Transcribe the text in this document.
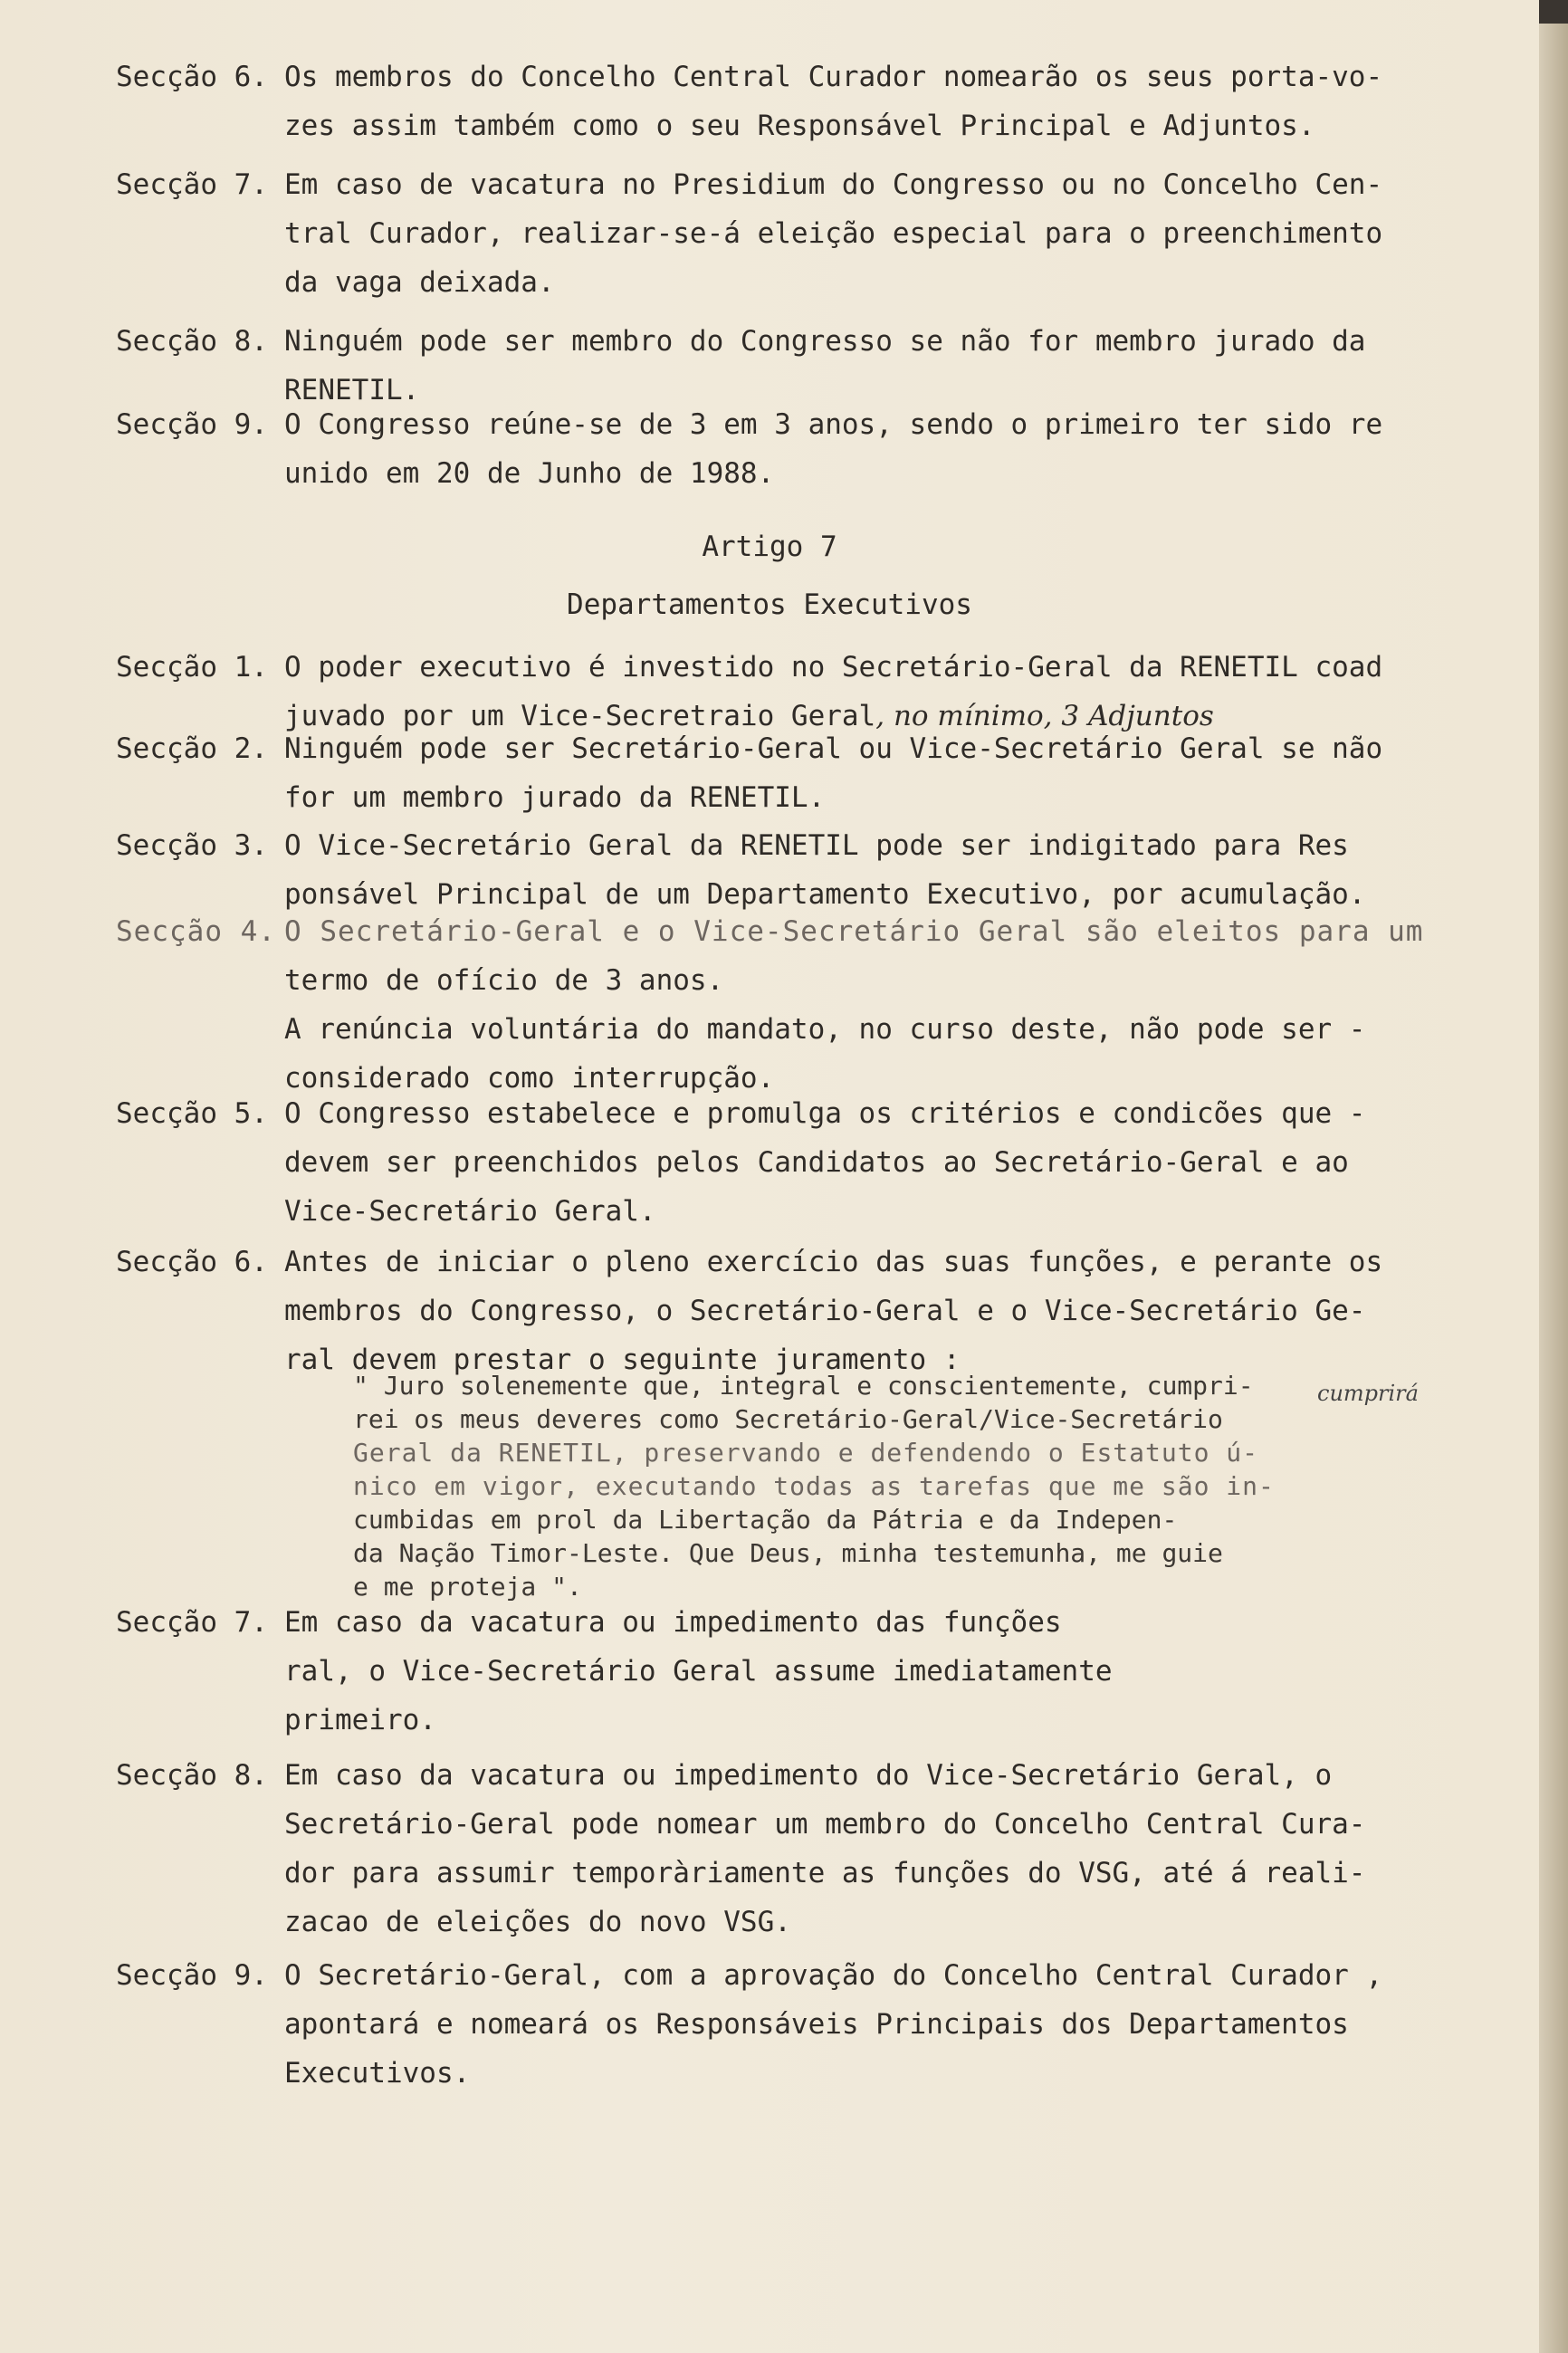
Secção 6. Os membros do Concelho Central Curador nomearão os seus porta-vo-
zes assim também como o seu Responsável Principal e Adjuntos.
Secção 7. Em caso de vacatura no Presidium do Congresso ou no Concelho Cen-
tral Curador, realizar-se-á eleição especial para o preenchimento
da vaga deixada.
Secção 8. Ninguém pode ser membro do Congresso se não for membro jurado da
RENETIL.
Secção 9. O Congresso reúne-se de 3 em 3 anos, sendo o primeiro ter sido re
unido em 20 de Junho de 1988.
Artigo 7
Departamentos Executivos
Secção 1. O poder executivo é investido no Secretário-Geral da RENETIL coad
juvado por um Vice-Secretraio Geral, no mínimo, 3 Adjuntos
Secção 2. Ninguém pode ser Secretário-Geral ou Vice-Secretário Geral se não
for um membro jurado da RENETIL.
Secção 3. O Vice-Secretário Geral da RENETIL pode ser indigitado para Res
ponsável Principal de um Departamento Executivo, por acumulação.
Secção 4. O Secretário-Geral e o Vice-Secretário Geral são eleitos para um
termo de ofício de 3 anos.
A renúncia voluntária do mandato, no curso deste, não pode ser -
considerado como interrupção.
Secção 5. O Congresso estabelece e promulga os critérios e condicões que -
devem ser preenchidos pelos Candidatos ao Secretário-Geral e ao
Vice-Secretário Geral.
Secção 6. Antes de iniciar o pleno exercício das suas funções, e perante os
membros do Congresso, o Secretário-Geral e o Vice-Secretário Ge-
ral devem prestar o seguinte juramento :
" Juro solenemente que, integral e conscientemente, cumpri-
rei os meus deveres como Secretário-Geral/Vice-Secretário
Geral da RENETIL, preservando e defendendo o Estatuto ú-
nico em vigor, executando todas as tarefas que me são in-
cumbidas em prol da Libertação da Pátria e da Indepen-
da Nação Timor-Leste. Que Deus, minha testemunha, me guie
e me proteja ".
cumprirá
Secção 7. Em caso da vacatura ou impedimento das funções
ral, o Vice-Secretário Geral assume imediatamente
primeiro.
Secção 8. Em caso da vacatura ou impedimento do Vice-Secretário Geral, o
Secretário-Geral pode nomear um membro do Concelho Central Cura-
dor para assumir temporàriamente as funções do VSG, até á reali-
zacao de eleições do novo VSG.
Secção 9. O Secretário-Geral, com a aprovação do Concelho Central Curador ,
apontará e nomeará os Responsáveis Principais dos Departamentos
Executivos.
